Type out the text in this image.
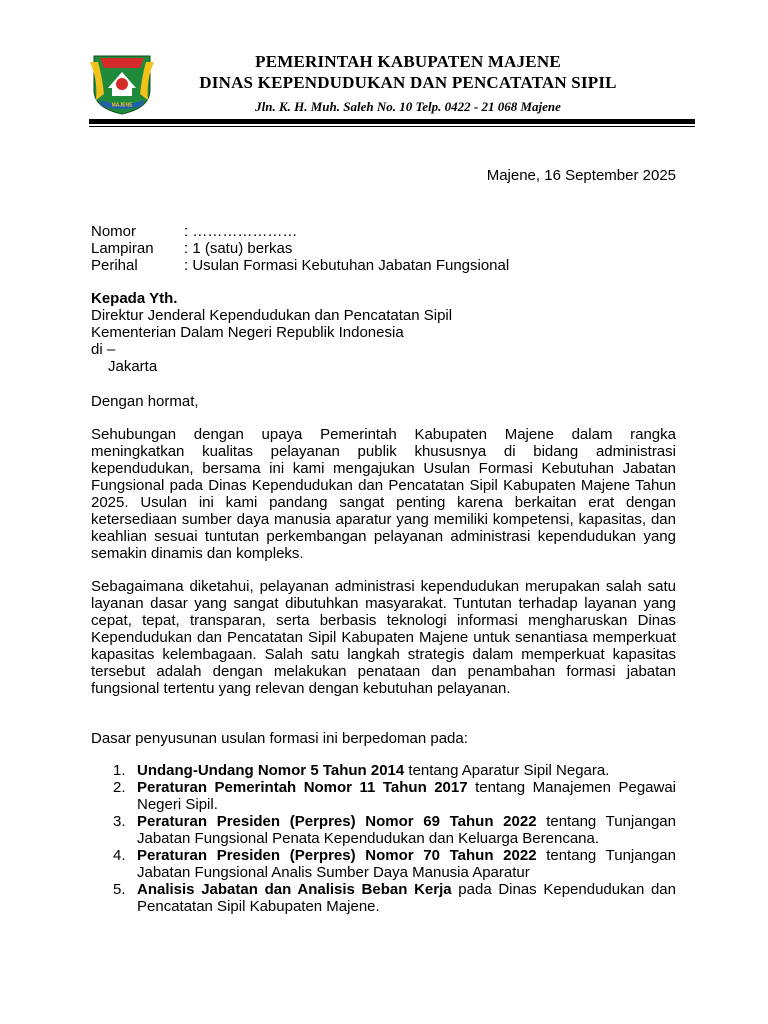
MAJENE
PEMERINTAH KABUPATEN MAJENE
DINAS KEPENDUDUKAN DAN PENCATATAN SIPIL
Jln. K. H. Muh. Saleh No. 10 Telp. 0422 - 21 068 Majene
Majene, 16 September 2025
Nomor	: …………………
Lampiran	: 1 (satu) berkas
Perihal	: Usulan Formasi Kebutuhan Jabatan Fungsional
Kepada Yth.
Direktur Jenderal Kependudukan dan Pencatatan Sipil
Kementerian Dalam Negeri Republik Indonesia
di –
Jakarta
Dengan hormat,
Sehubungan dengan upaya Pemerintah Kabupaten Majene dalam rangka meningkatkan kualitas pelayanan publik khususnya di bidang administrasi kependudukan, bersama ini kami mengajukan Usulan Formasi Kebutuhan Jabatan Fungsional pada Dinas Kependudukan dan Pencatatan Sipil Kabupaten Majene Tahun 2025. Usulan ini kami pandang sangat penting karena berkaitan erat dengan ketersediaan sumber daya manusia aparatur yang memiliki kompetensi, kapasitas, dan keahlian sesuai tuntutan perkembangan pelayanan administrasi kependudukan yang semakin dinamis dan kompleks.
Sebagaimana diketahui, pelayanan administrasi kependudukan merupakan salah satu layanan dasar yang sangat dibutuhkan masyarakat. Tuntutan terhadap layanan yang cepat, tepat, transparan, serta berbasis teknologi informasi mengharuskan Dinas Kependudukan dan Pencatatan Sipil Kabupaten Majene untuk senantiasa memperkuat kapasitas kelembagaan. Salah satu langkah strategis dalam memperkuat kapasitas tersebut adalah dengan melakukan penataan dan penambahan formasi jabatan fungsional tertentu yang relevan dengan kebutuhan pelayanan.
Dasar penyusunan usulan formasi ini berpedoman pada:
1. Undang-Undang Nomor 5 Tahun 2014 tentang Aparatur Sipil Negara.
2. Peraturan Pemerintah Nomor 11 Tahun 2017 tentang Manajemen Pegawai Negeri Sipil.
3. Peraturan Presiden (Perpres) Nomor 69 Tahun 2022 tentang Tunjangan Jabatan Fungsional Penata Kependudukan dan Keluarga Berencana.
4. Peraturan Presiden (Perpres) Nomor 70 Tahun 2022 tentang Tunjangan Jabatan Fungsional Analis Sumber Daya Manusia Aparatur
5. Analisis Jabatan dan Analisis Beban Kerja pada Dinas Kependudukan dan Pencatatan Sipil Kabupaten Majene.
